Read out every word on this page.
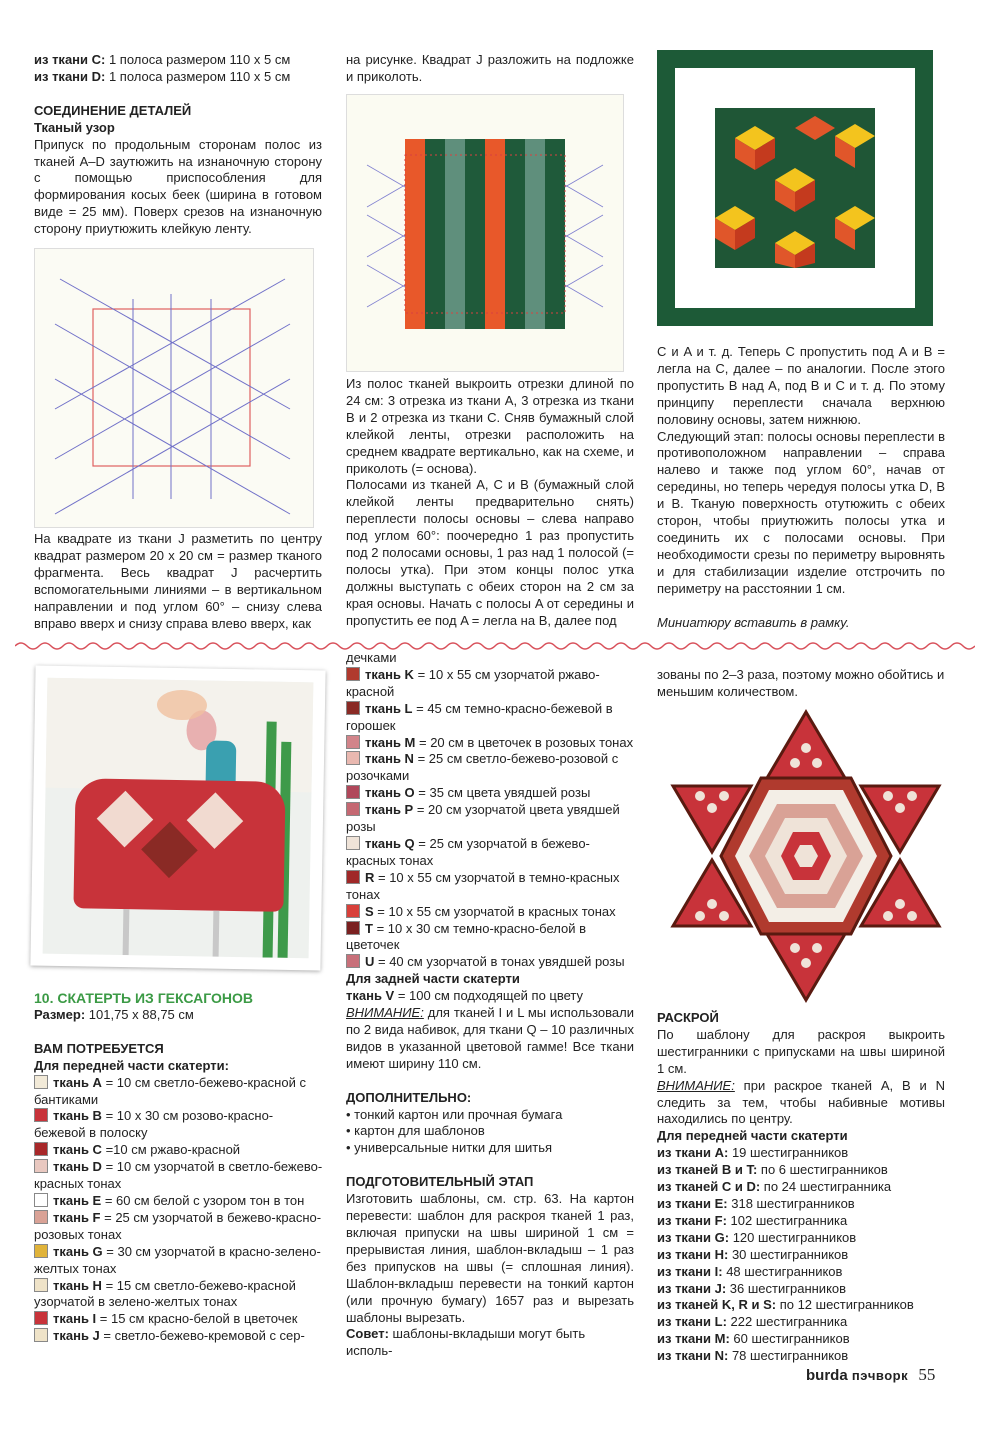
из ткани C: 1 полоса размером 110 х 5 см

из ткани D: 1 полоса размером 110 х 5 см

СОЕДИНЕНИЕ ДЕТАЛЕЙ

Тканый узор

Припуск по продольным сторонам полос из тканей A–D заутюжить на изнаночную сторону с помощью приспособления для формирования косых беек (ширина в готовом виде = 25 мм). Поверх срезов на изнаночную сторону приутюжить клейкую ленту.

На квадрате из ткани J разметить по центру квадрат размером 20 х 20 см = размер тканого фрагмента. Весь квадрат J расчертить вспомогательными линиями – в вертикальном направлении и под углом 60° – снизу слева вправо вверх и снизу справа влево вверх, как

на рисунке. Квадрат J разложить на подложке и приколоть.

Из полос тканей выкроить отрезки длиной по 24 см: 3 отрезка из ткани A, 3 отрезка из ткани B и 2 отрезка из ткани C. Сняв бумажный слой клейкой ленты, отрезки расположить на среднем квадрате вертикально, как на схеме, и приколоть (= основа).

Полосами из тканей A, C и B (бумажный слой клейкой ленты предварительно снять) переплести полосы основы – слева направо под углом 60°: поочередно 1 раз пропустить под 2 полосами основы, 1 раз над 1 полосой (= полосы утка). При этом концы полос утка должны выступать с обеих сторон на 2 см за края основы. Начать с полосы A от середины и пропустить ее под A = легла на B, далее под

C и A и т. д. Теперь C пропустить под A и B = легла на C, далее – по аналогии. После этого пропустить B над A, под B и C и т. д. По этому принципу переплести сначала верхнюю половину основы, затем нижнюю.

Следующий этап: полосы основы переплести в противоположном направлении – справа налево и также под углом 60°, начав от середины, но теперь чередуя полосы утка D, B и B. Тканую поверхность отутюжить с обеих сторон, чтобы приутюжить полосы утка и соединить их с полосами основы. При необходимости срезы по периметру выровнять и для стабилизации изделие отстрочить по периметру на расстоянии 1 см.

Миниатюру вставить в рамку.

10. СКАТЕРТЬ ИЗ ГЕКСАГОНОВ

Размер: 101,75 x 88,75 см

ВАМ ПОТРЕБУЕТСЯ

Для передней части скатерти:

ткань A = 10 см светло-бежево-красной с бантиками

ткань B = 10 x 30 см розово-красно-бежевой в полоску

ткань C =10 см ржаво-красной

ткань D = 10 см узорчатой в светло-бежево-красных тонах

ткань E = 60 см белой с узором тон в тон

ткань F = 25 см узорчатой в бежево-красно-розовых тонах

ткань G = 30 см узорчатой в красно-зелено-желтых тонах

ткань H = 15 см светло-бежево-красной узорчатой в зелено-желтых тонах

ткань I = 15 см красно-белой в цветочек

ткань J = светло-бежево-кремовой с сер-

дечками

ткань K = 10 x 55 см узорчатой ржаво-красной

ткань L = 45 см темно-красно-бежевой в горошек

ткань M = 20 см в цветочек в розовых тонах

ткань N = 25 см светло-бежево-розовой с розочками

ткань O = 35 см цвета увядшей розы

ткань P = 20 см узорчатой цвета увядшей розы

ткань Q = 25 см узорчатой в бежево-красных тонах

R = 10 x 55 см узорчатой в темно-красных тонах

S = 10 x 55 см узорчатой в красных тонах

T = 10 x 30 см темно-красно-белой в цветочек

U = 40 см узорчатой в тонах увядшей розы

Для задней части скатерти

ткань V = 100 см подходящей по цвету

ВНИМАНИЕ: для тканей I и L мы использовали по 2 вида набивок, для ткани Q – 10 различных видов в указанной цветовой гамме! Все ткани имеют ширину 110 см.

ДОПОЛНИТЕЛЬНО:
• тонкий картон или прочная бумага
• картон для шаблонов
• универсальные нитки для шитья
ПОДГОТОВИТЕЛЬНЫЙ ЭТАП

Изготовить шаблоны, см. стр. 63. На картон перевести: шаблон для раскроя тканей 1 раз, включая припуски на швы шириной 1 см = прерывистая линия, шаблон-вкладыш – 1 раз без припусков на швы (= сплошная линия). Шаблон-вкладыш перевести на тонкий картон (или прочную бумагу) 1657 раз и вырезать шаблоны вырезать.

Совет: шаблоны-вкладыши могут быть исполь-

зованы по 2–3 раза, поэтому можно обойтись и меньшим количеством.

РАСКРОЙ

По шаблону для раскроя выкроить шестигранники с припусками на швы шириной 1 см.

ВНИМАНИЕ: при раскрое тканей A, B и N следить за тем, чтобы набивные мотивы находились по центру.

Для передней части скатерти

из ткани A: 19 шестигранников

из тканей B и T: по 6 шестигранников

из тканей C и D: по 24 шестигранника

из ткани E: 318 шестигранников

из ткани F: 102 шестигранника

из ткани G: 120 шестигранников

из ткани H: 30 шестигранников

из ткани I: 48 шестигранников

из ткани J: 36 шестигранников

из тканей K, R и S: по 12 шестигранников

из ткани L: 222 шестигранника

из ткани M: 60 шестигранников

из ткани N: 78 шестигранников

burda пэчворк 55
